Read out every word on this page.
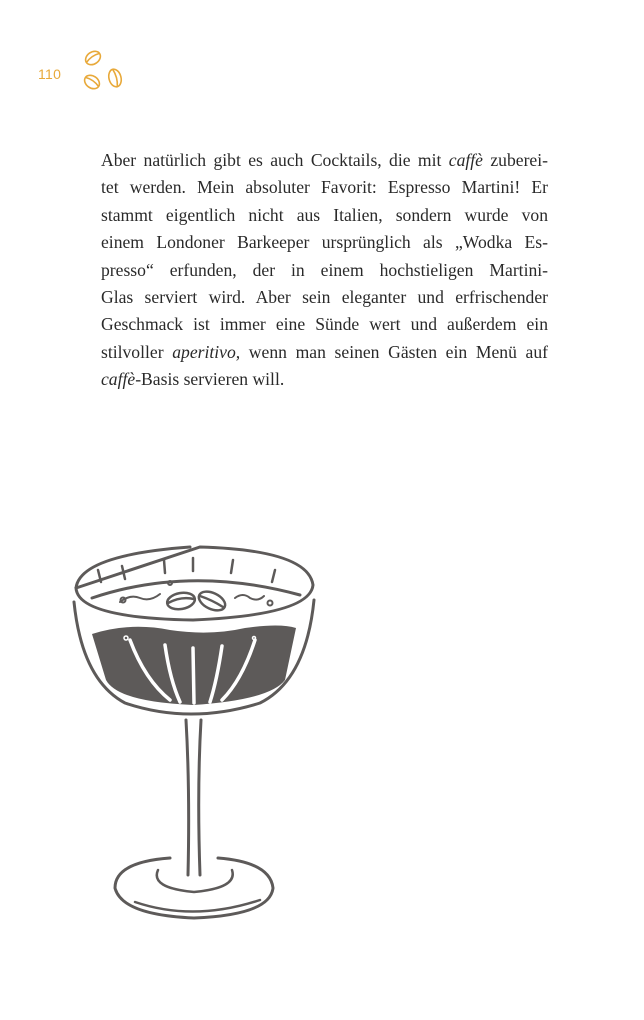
110
Aber natürlich gibt es auch Cocktails, die mit caffè zuberei-
tet werden. Mein absoluter Favorit: Espresso Martini! Er
stammt eigentlich nicht aus Italien, sondern wurde von
einem Londoner Barkeeper ursprünglich als „Wodka Es-
presso“ erfunden, der in einem hochstieligen Martini-
Glas serviert wird. Aber sein eleganter und erfrischender
Geschmack ist immer eine Sünde wert und außerdem ein
stilvoller aperitivo, wenn man seinen Gästen ein Menü auf
caffè-Basis servieren will.
